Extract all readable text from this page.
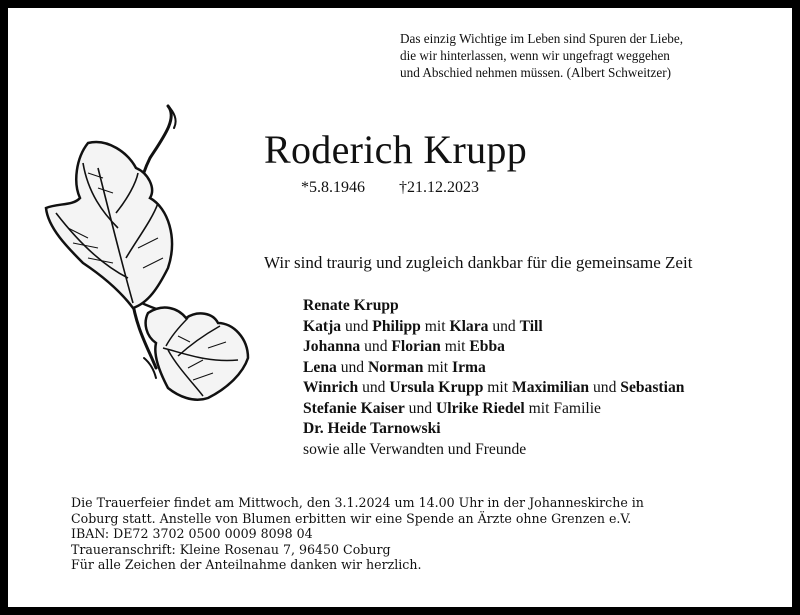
Das einzig Wichtige im Leben sind Spuren der Liebe,
die wir hinterlassen, wenn wir ungefragt weggehen
und Abschied nehmen müssen. (Albert Schweitzer)
Roderich Krupp
*5.8.1946 †21.12.2023
Wir sind traurig und zugleich dankbar für die gemeinsame Zeit
Renate Krupp
Katja und Philipp mit Klara und Till
Johanna und Florian mit Ebba
Lena und Norman mit Irma
Winrich und Ursula Krupp mit Maximilian und Sebastian
Stefanie Kaiser und Ulrike Riedel mit Familie
Dr. Heide Tarnowski
sowie alle Verwandten und Freunde
Die Trauerfeier findet am Mittwoch, den 3.1.2024 um 14.00 Uhr in der Johanneskirche in
Coburg statt. Anstelle von Blumen erbitten wir eine Spende an Ärzte ohne Grenzen e.V.
IBAN: DE72 3702 0500 0009 8098 04
Traueranschrift: Kleine Rosenau 7, 96450 Coburg
Für alle Zeichen der Anteilnahme danken wir herzlich.
